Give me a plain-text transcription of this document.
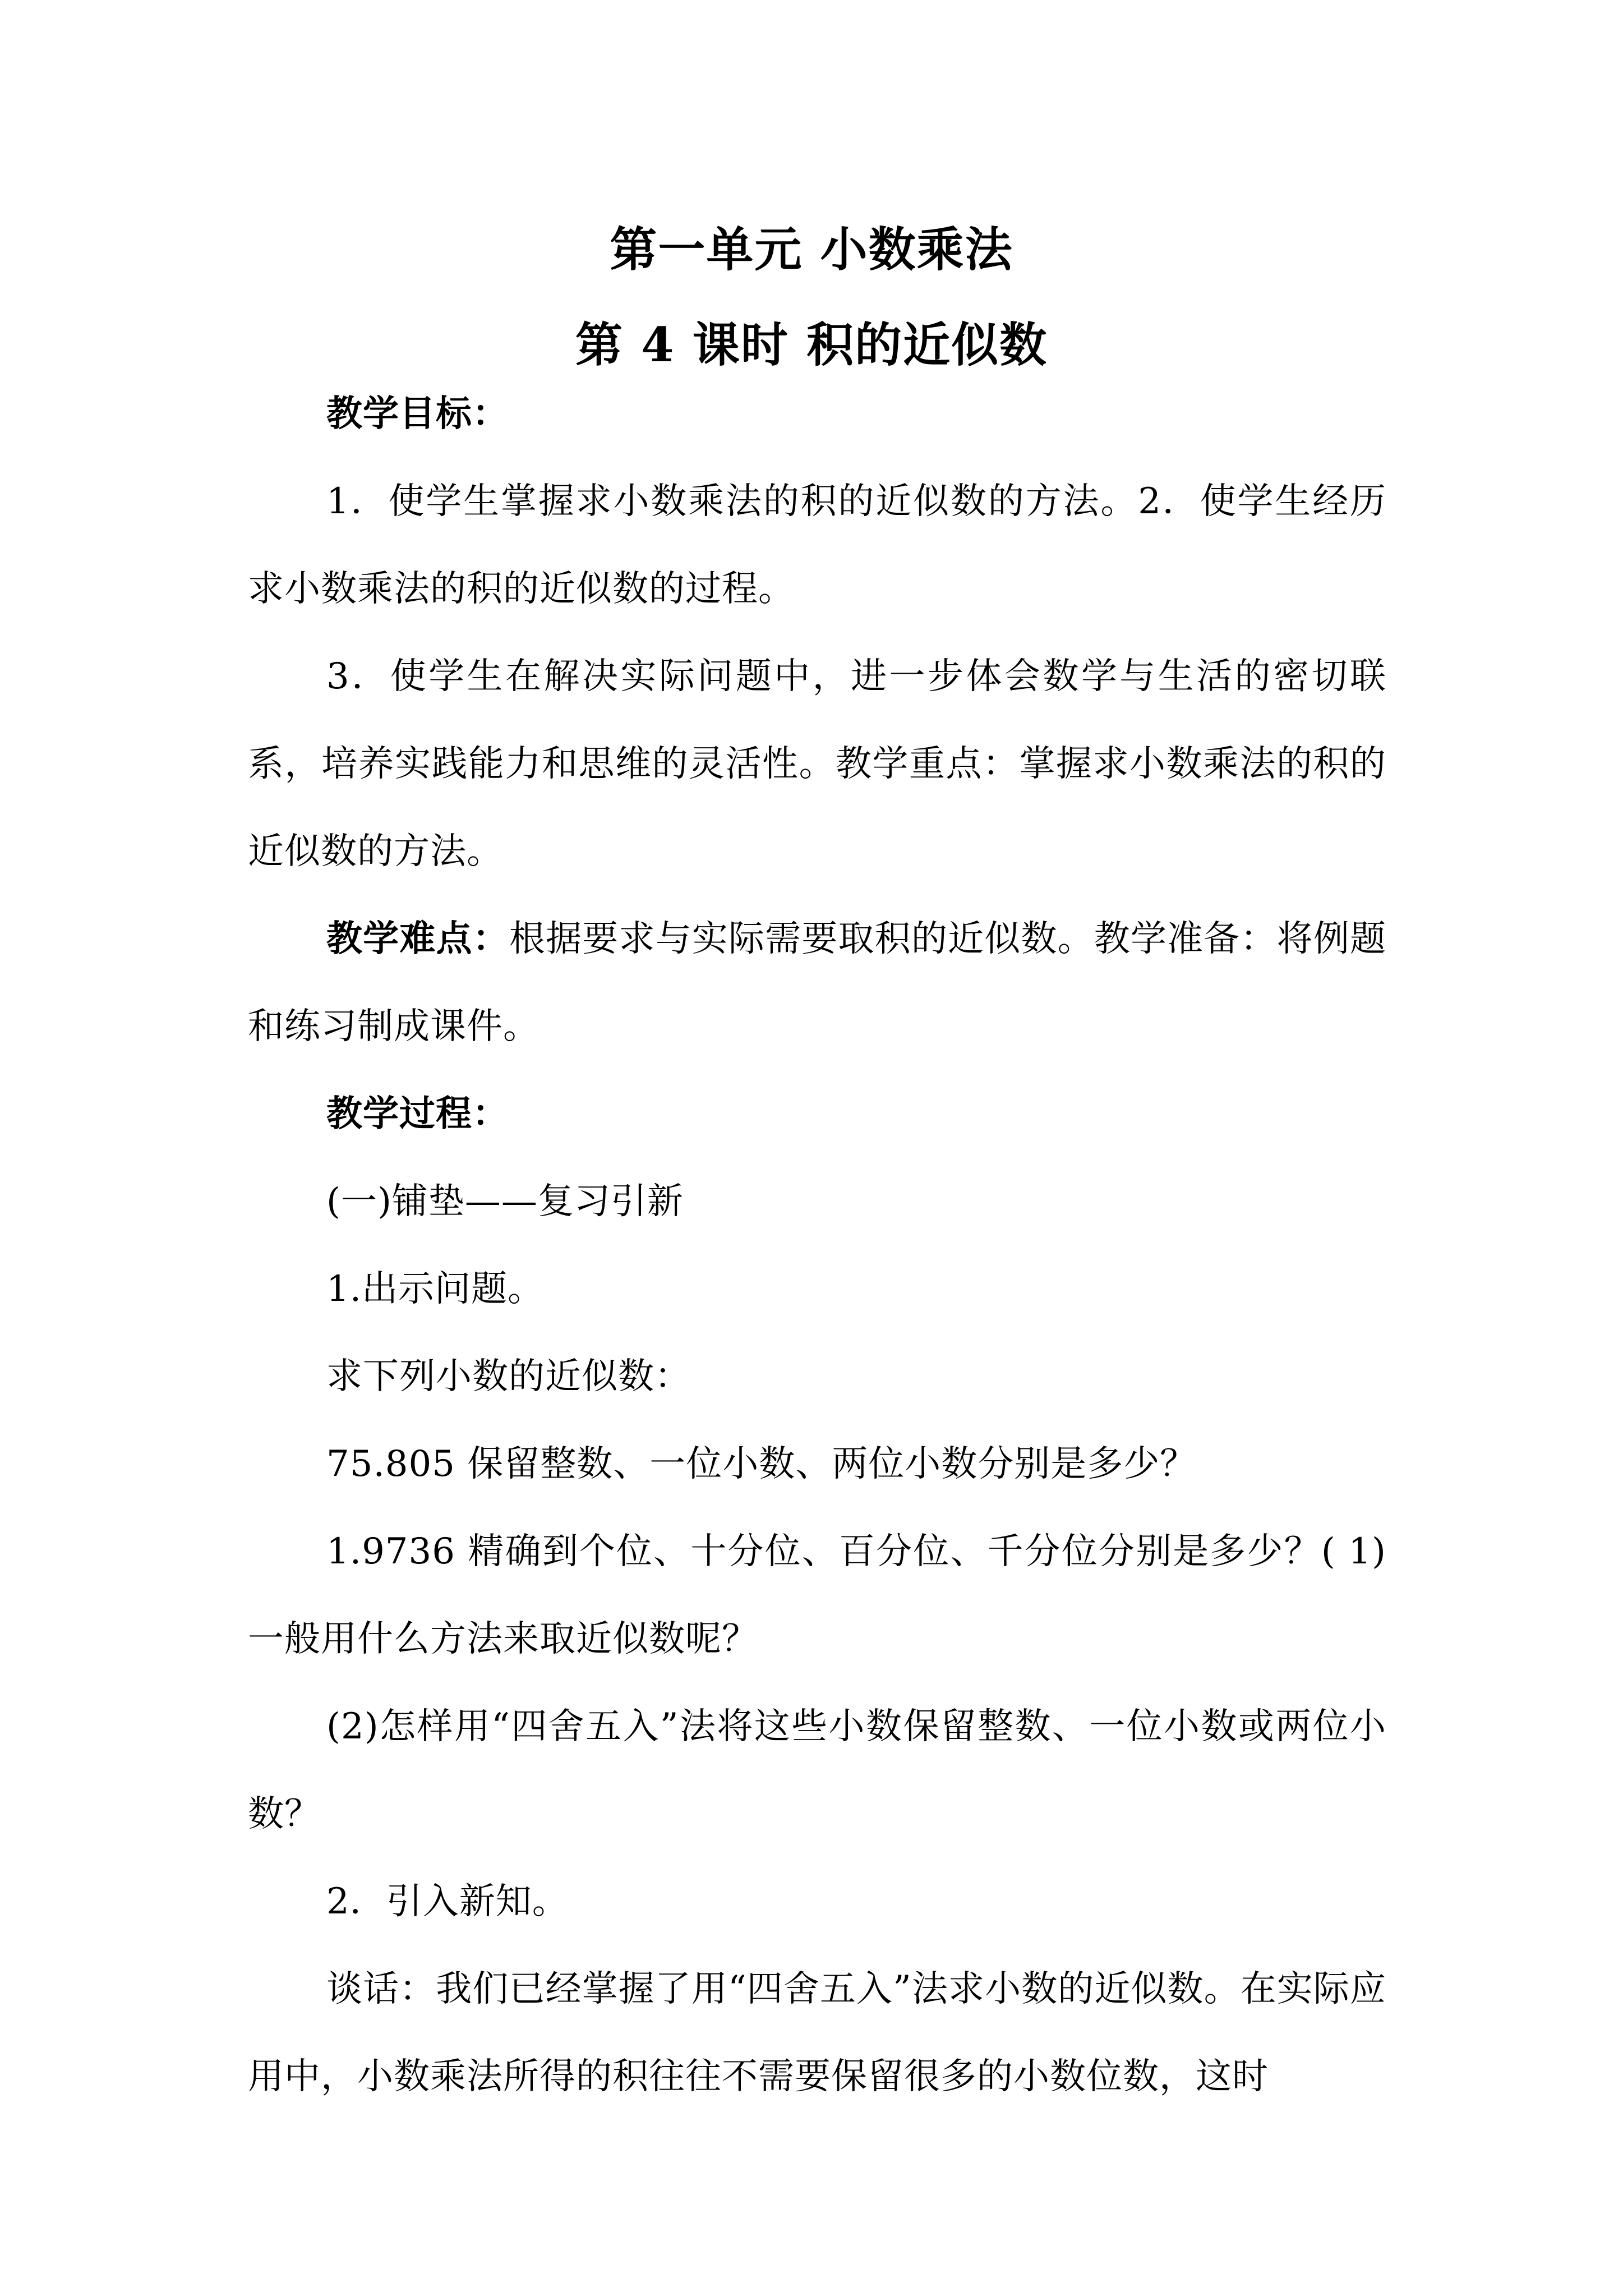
第一单元 小数乘法
第 4 课时 积的近似数

教学目标：

1．使学生掌握求小数乘法的积的近似数的方法。2．使学生经历求小数乘法的积的近似数的过程。

3．使学生在解决实际问题中，进一步体会数学与生活的密切联系，培养实践能力和思维的灵活性。教学重点：掌握求小数乘法的积的近似数的方法。

教学难点：根据要求与实际需要取积的近似数。教学准备：将例题和练习制成课件。

教学过程：

(一)铺垫——复习引新

1.出示问题。

求下列小数的近似数：

75.805 保留整数、一位小数、两位小数分别是多少？

1.9736 精确到个位、十分位、百分位、千分位分别是多少？( 1)一般用什么方法来取近似数呢？

(2)怎样用“四舍五入”法将这些小数保留整数、一位小数或两位小数？

2．引入新知。

谈话：我们已经掌握了用“四舍五入”法求小数的近似数。在实际应用中，小数乘法所得的积往往不需要保留很多的小数位数，这时
